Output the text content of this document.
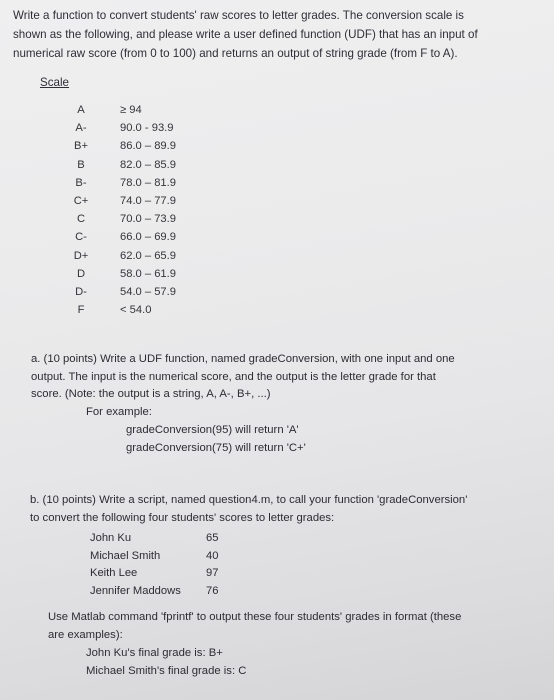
Write a function to convert students' raw scores to letter grades. The conversion scale is
shown as the following, and please write a user defined function (UDF) that has an input of
numerical raw score (from 0 to 100) and returns an output of string grade (from F to A).
Scale
A	≥ 94
A-	90.0 - 93.9
B+	86.0 – 89.9
B	82.0 – 85.9
B-	78.0 – 81.9
C+	74.0 – 77.9
C	70.0 – 73.9
C-	66.0 – 69.9
D+	62.0 – 65.9
D	58.0 – 61.9
D-	54.0 – 57.9
F	< 54.0
a. (10 points) Write a UDF function, named gradeConversion, with one input and one
output. The input is the numerical score, and the output is the letter grade for that
score. (Note: the output is a string, A, A-, B+, ...)
For example:
gradeConversion(95) will return 'A'
gradeConversion(75) will return 'C+'
b. (10 points) Write a script, named question4.m, to call your function 'gradeConversion'
to convert the following four students' scores to letter grades:
John Ku	65
Michael Smith	40
Keith Lee	97
Jennifer Maddows 76
Use Matlab command 'fprintf' to output these four students' grades in format (these
are examples):
John Ku's final grade is: B+
Michael Smith's final grade is: C
